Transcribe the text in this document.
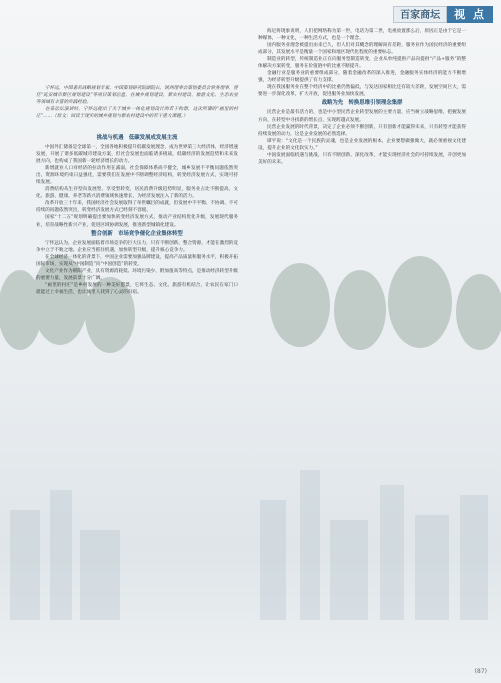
百家商坛	视 点

宁怀远，中国著名战略规划专家，中国策划研究院副院长，陕西理事会策划委员会常务理事，曾任“延安城市新区规划建设”等项目策划总监，在城乡规划建设、新农村建设、旅游文化、生态农业等领域有丰富的实践经验。

在某论坛演讲时，宁怀远提出了关于城乡一体化规划设计的若干构想，这次所谓的“画里的村庄”……（原文：阅读于现实的城乡规划与新农村建设中的若干重大课题。）

挑战与机遇　低碳发展成发展主流

中国外汇储备是全球第一，全国各地积极提升低碳发展理念，成为世界第三大经济体，经济增速发展，开展了诸多低碳城市建设方案，但社会发展也面临诸多挑战，低碳经济的发展趋势和未来发展方向，也构成了我国新一轮经济增长的动力。

新增就业人口对经济的拉动作用在减弱，社会保障体系尚不健全，城乡发展不平衡问题依然突出，资源环境约束日益强化，需要我们在发展中不断调整经济结构，转变经济发展方式，实现可持续发展。

消费结构从生存型向发展型、享受型转变，居民消费升级趋势明显，服务业占比不断提高，文化、旅游、健康、养老等新兴消费领域快速增长，为经济发展注入了新的活力。

改革开放三十年来，我国经济社会发展取得了举世瞩目的成就，但发展中不平衡、不协调、不可持续的问题依然突出，转变经济发展方式已经刻不容缓。

国家“十二五”规划明确提出要加快转变经济发展方式，推动产业结构优化升级，发展现代服务业，培育战略性新兴产业，促进区域协调发展，推进新型城镇化建设。

整合创新　市场竞争催化企业集体转型

宁怀远认为，企业发展面临着市场竞争的巨大压力，只有不断创新、整合资源，才能在激烈的竞争中立于不败之地。企业应当抓住机遇，加快转型升级，提升核心竞争力。

在全球经济一体化的背景下，中国企业需要加强品牌建设，提高产品质量和服务水平，积极开拓国际市场，实现从“中国制造”向“中国创造”的转变。

文化产业作为朝阳产业，具有资源消耗低、环境污染少、附加值高等特点，是推动经济转型升级的重要力量，发展前景十分广阔。

“画里的村庄”是乡村发展的一种美好愿景，它将生态、文化、旅游有机结合，让农民在家门口就能过上幸福生活，也让城里人找到了心灵的归宿。

海尼将现象说明，人们把网络称为第一世，电话为第二世，电视放置那么后，原因正是由于它是一种媒体，一种文化，一种生活方式，也是一个理念。

国内服务业理念被提出由来已久，但人们对其概念的理解尚有差距，服务业作为国民经济的重要组成部分，其发展水平是衡量一个国家和地区现代化程度的重要标志。

制造业的转型，传统制造业正在向服务型制造转变，企业从单纯提供产品向提供“产品+服务”的整体解决方案转变，服务在价值链中的比重不断提升。

金融行业是服务业的重要组成部分，随着金融改革的深入推进，金融服务实体经济的能力不断增强，为经济转型升级提供了有力支撑。

现在我国服务业在整个经济中的比重仍然偏低，与发达国家相比还有较大差距，发展空间巨大，需要进一步深化改革，扩大开放，促进服务业加快发展。

战略为先　转换思维引领理念集群

民营企业是最有活力的，也是中小型民营企业转型发展的主要力量，应当树立战略思维，把握发展方向，在转型中寻找新的增长点，实现跨越式发展。

民营企业发展的时代背景，决定了企业必须不断创新，只有创新才能赢得未来，只有转型才能获得持续发展的动力，这是企业发展的必然选择。

谭平说：“文化是一个民族的灵魂，也是企业发展的根本，企业要想做强做大，就必须重视文化建设，提升企业的文化软实力。”

中国发展面临机遇与挑战，只有不断创新、深化改革，才能实现经济社会的可持续发展，开创更加美好的未来。

(87)
